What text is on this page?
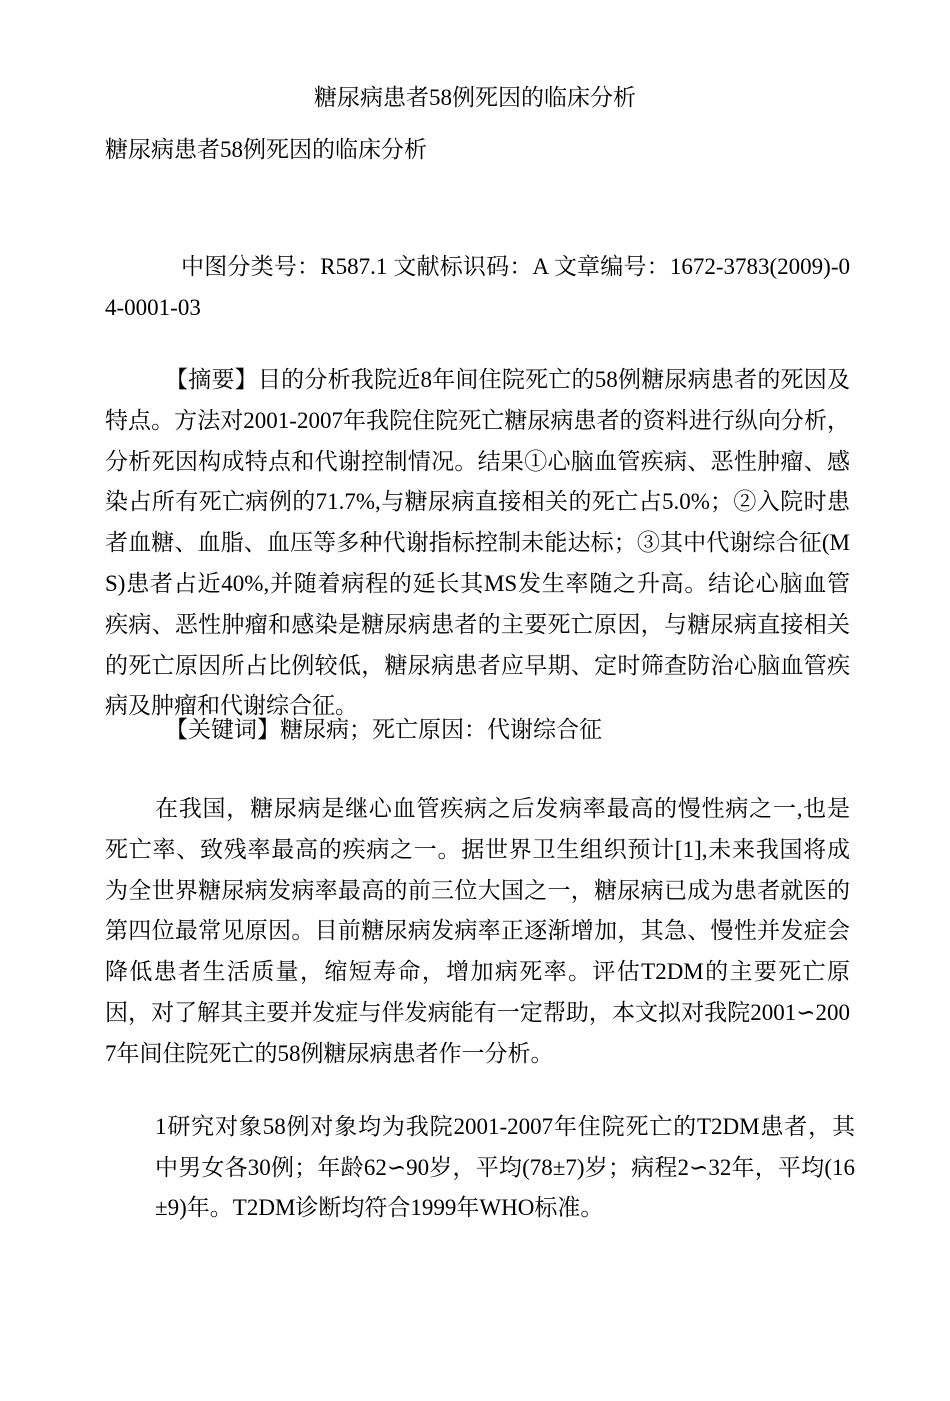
糖尿病患者58例死因的临床分析

糖尿病患者58例死因的临床分析

中图分类号：R587.1 文献标识码：A 文章编号：1672-3783(2009)-04-0001-03

【摘要】目的分析我院近8年间住院死亡的58例糖尿病患者的死因及特点。方法对2001-2007年我院住院死亡糖尿病患者的资料进行纵向分析，分析死因构成特点和代谢控制情况。结果①心脑血管疾病、恶性肿瘤、感染占所有死亡病例的71.7%,与糖尿病直接相关的死亡占5.0%；②入院时患者血糖、血脂、血压等多种代谢指标控制未能达标；③其中代谢综合征(MS)患者占近40%,并随着病程的延长其MS发生率随之升高。结论心脑血管疾病、恶性肿瘤和感染是糖尿病患者的主要死亡原因，与糖尿病直接相关的死亡原因所占比例较低，糖尿病患者应早期、定时筛查防治心脑血管疾病及肿瘤和代谢综合征。

【关键词】糖尿病；死亡原因：代谢综合征

在我国，糖尿病是继心血管疾病之后发病率最高的慢性病之一,也是死亡率、致残率最高的疾病之一。据世界卫生组织预计[1],未来我国将成为全世界糖尿病发病率最高的前三位大国之一，糖尿病已成为患者就医的第四位最常见原因。目前糖尿病发病率正逐渐增加，其急、慢性并发症会降低患者生活质量，缩短寿命，增加病死率。评估T2DM的主要死亡原因，对了解其主要并发症与伴发病能有一定帮助，本文拟对我院2001∽2007年间住院死亡的58例糖尿病患者作一分析。

1研究对象58例对象均为我院2001-2007年住院死亡的T2DM患者，其中男女各30例；年龄62∽90岁，平均(78±7)岁；病程2∽32年，平均(16±9)年。T2DM诊断均符合1999年WHO标准。
